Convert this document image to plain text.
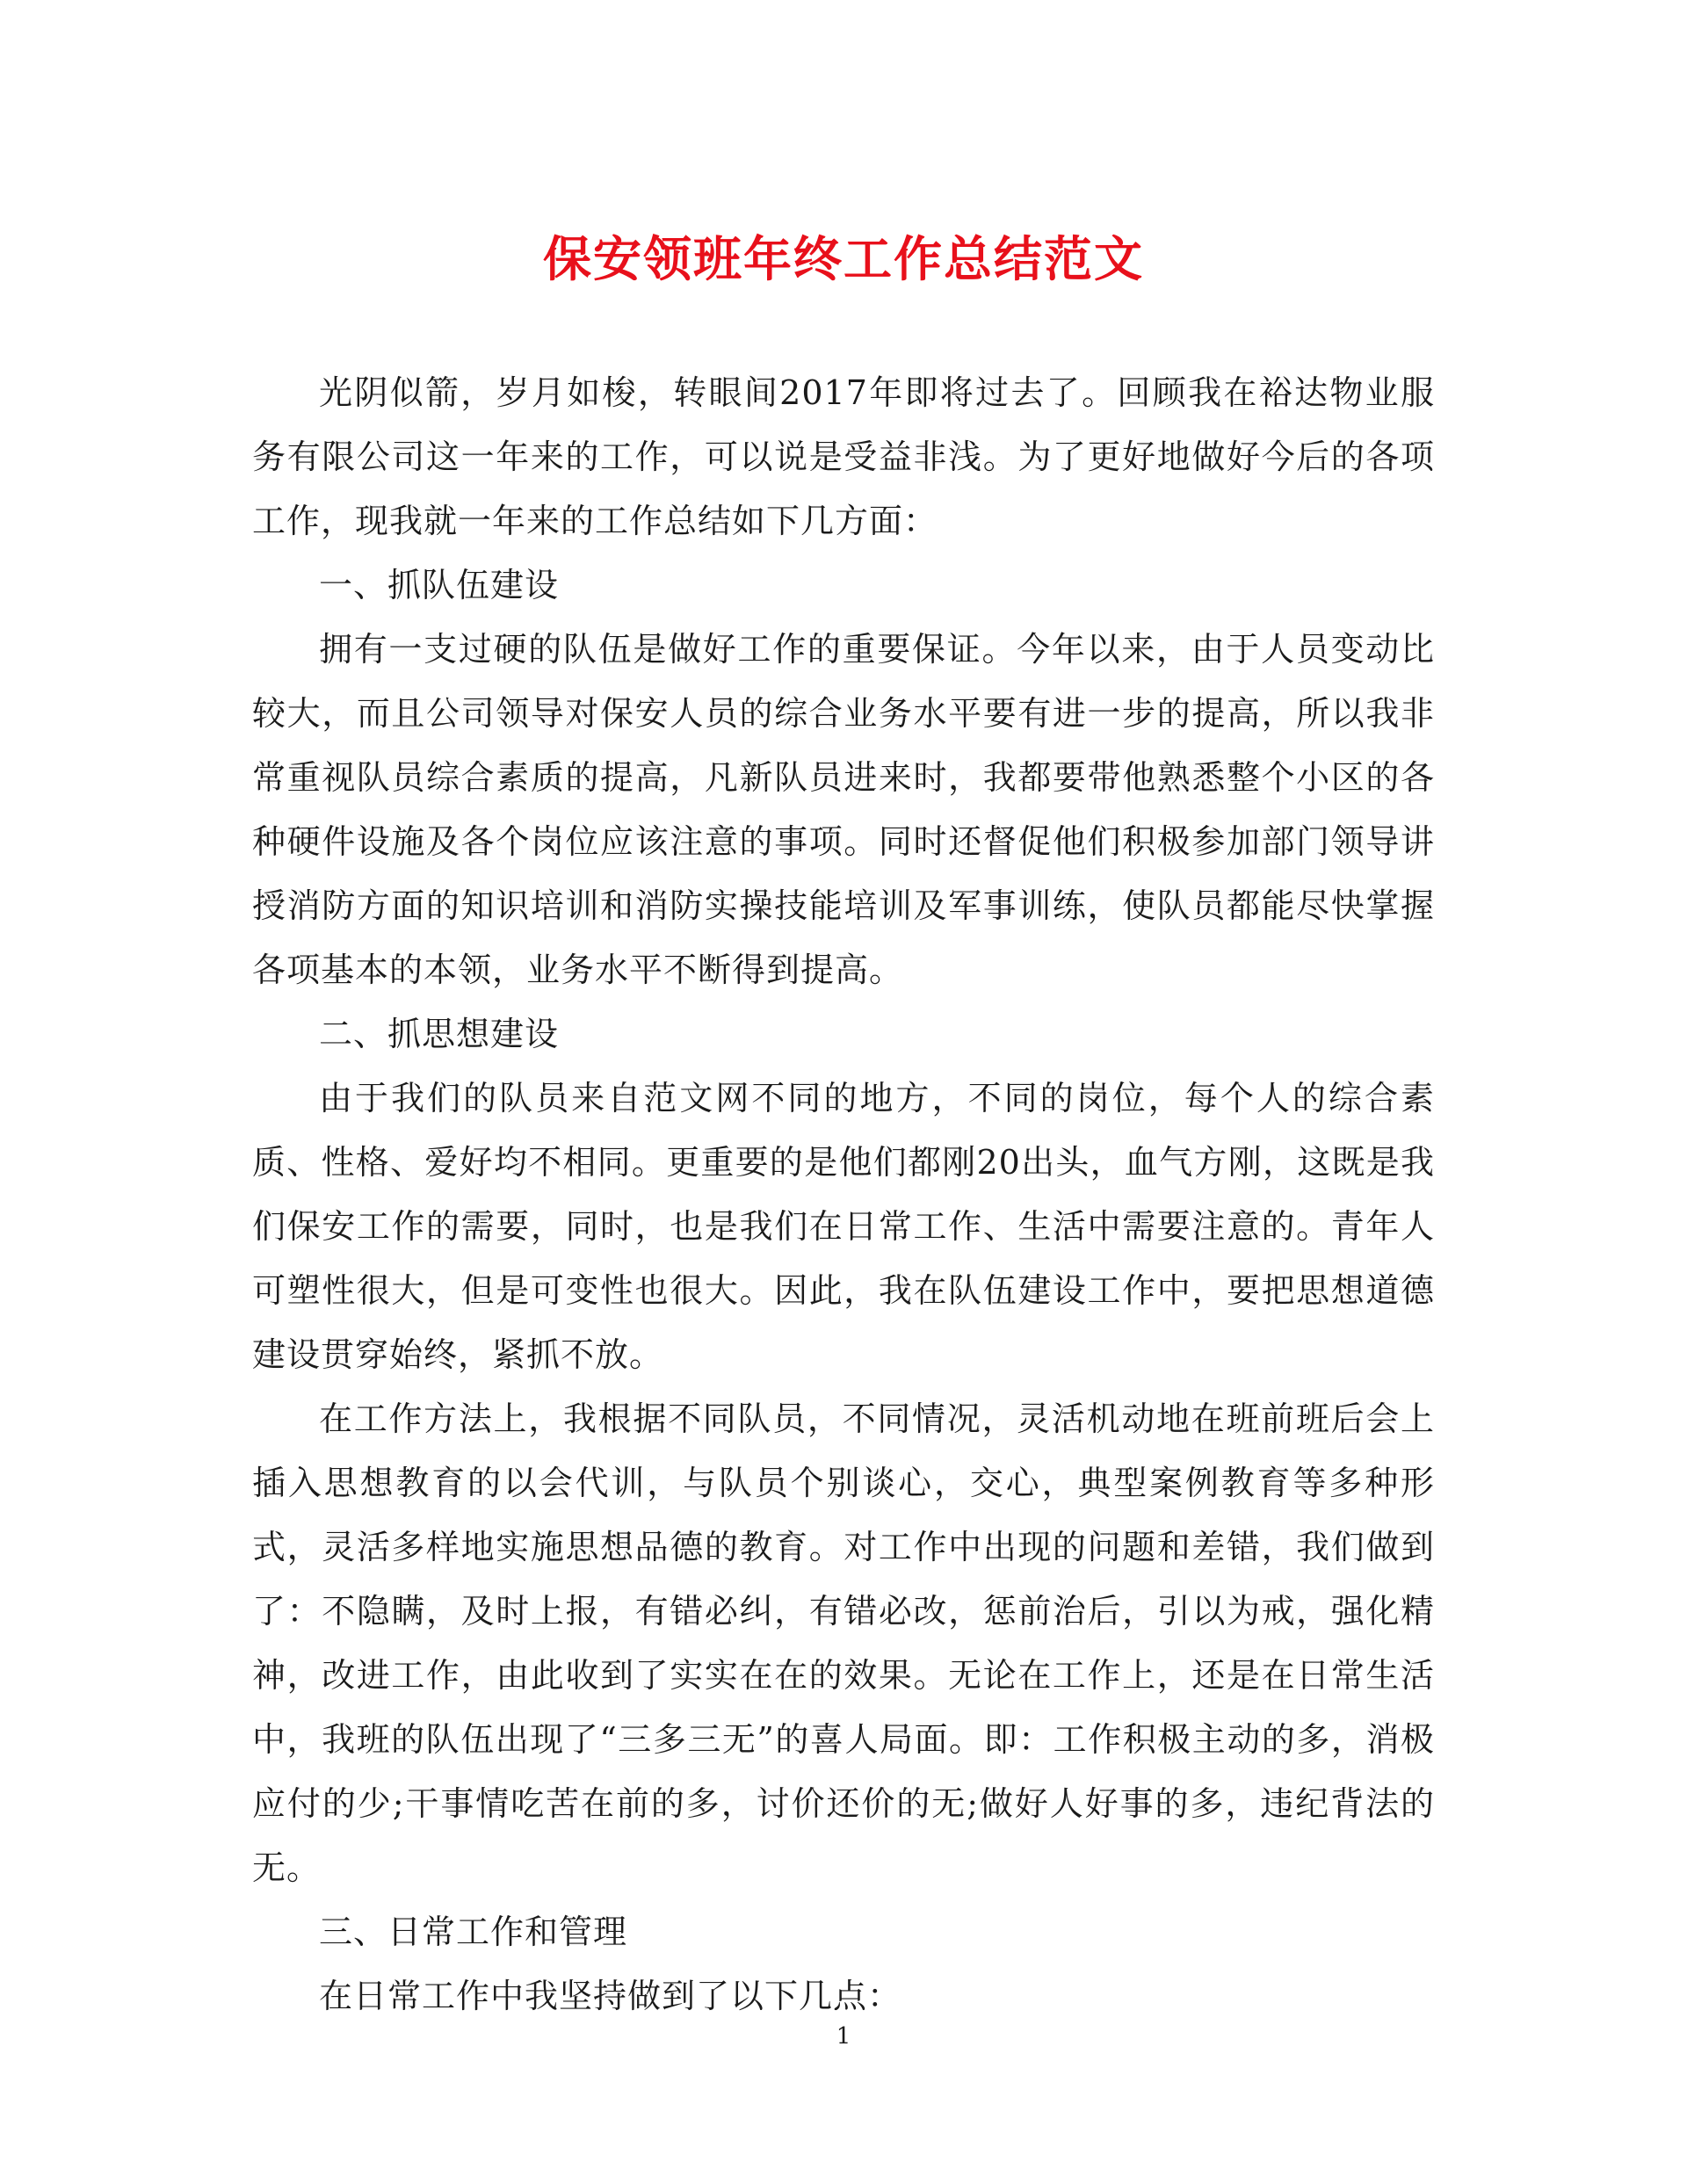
保安领班年终工作总结范文

光阴似箭，岁月如梭，转眼间2017年即将过去了。回顾我在裕达物业服务有限公司这一年来的工作，可以说是受益非浅。为了更好地做好今后的各项工作，现我就一年来的工作总结如下几方面：

一、抓队伍建设

拥有一支过硬的队伍是做好工作的重要保证。今年以来，由于人员变动比较大，而且公司领导对保安人员的综合业务水平要有进一步的提高，所以我非常重视队员综合素质的提高，凡新队员进来时，我都要带他熟悉整个小区的各种硬件设施及各个岗位应该注意的事项。同时还督促他们积极参加部门领导讲授消防方面的知识培训和消防实操技能培训及军事训练，使队员都能尽快掌握各项基本的本领，业务水平不断得到提高。

二、抓思想建设

由于我们的队员来自范文网不同的地方，不同的岗位，每个人的综合素质、性格、爱好均不相同。更重要的是他们都刚20出头，血气方刚，这既是我们保安工作的需要，同时，也是我们在日常工作、生活中需要注意的。青年人可塑性很大，但是可变性也很大。因此，我在队伍建设工作中，要把思想道德建设贯穿始终，紧抓不放。

在工作方法上，我根据不同队员，不同情况，灵活机动地在班前班后会上插入思想教育的以会代训，与队员个别谈心，交心，典型案例教育等多种形式，灵活多样地实施思想品德的教育。对工作中出现的问题和差错，我们做到了：不隐瞒，及时上报，有错必纠，有错必改，惩前治后，引以为戒，强化精神，改进工作，由此收到了实实在在的效果。无论在工作上，还是在日常生活中，我班的队伍出现了“三多三无”的喜人局面。即：工作积极主动的多，消极应付的少;干事情吃苦在前的多，讨价还价的无;做好人好事的多，违纪背法的无。

三、日常工作和管理

在日常工作中我坚持做到了以下几点：

1
